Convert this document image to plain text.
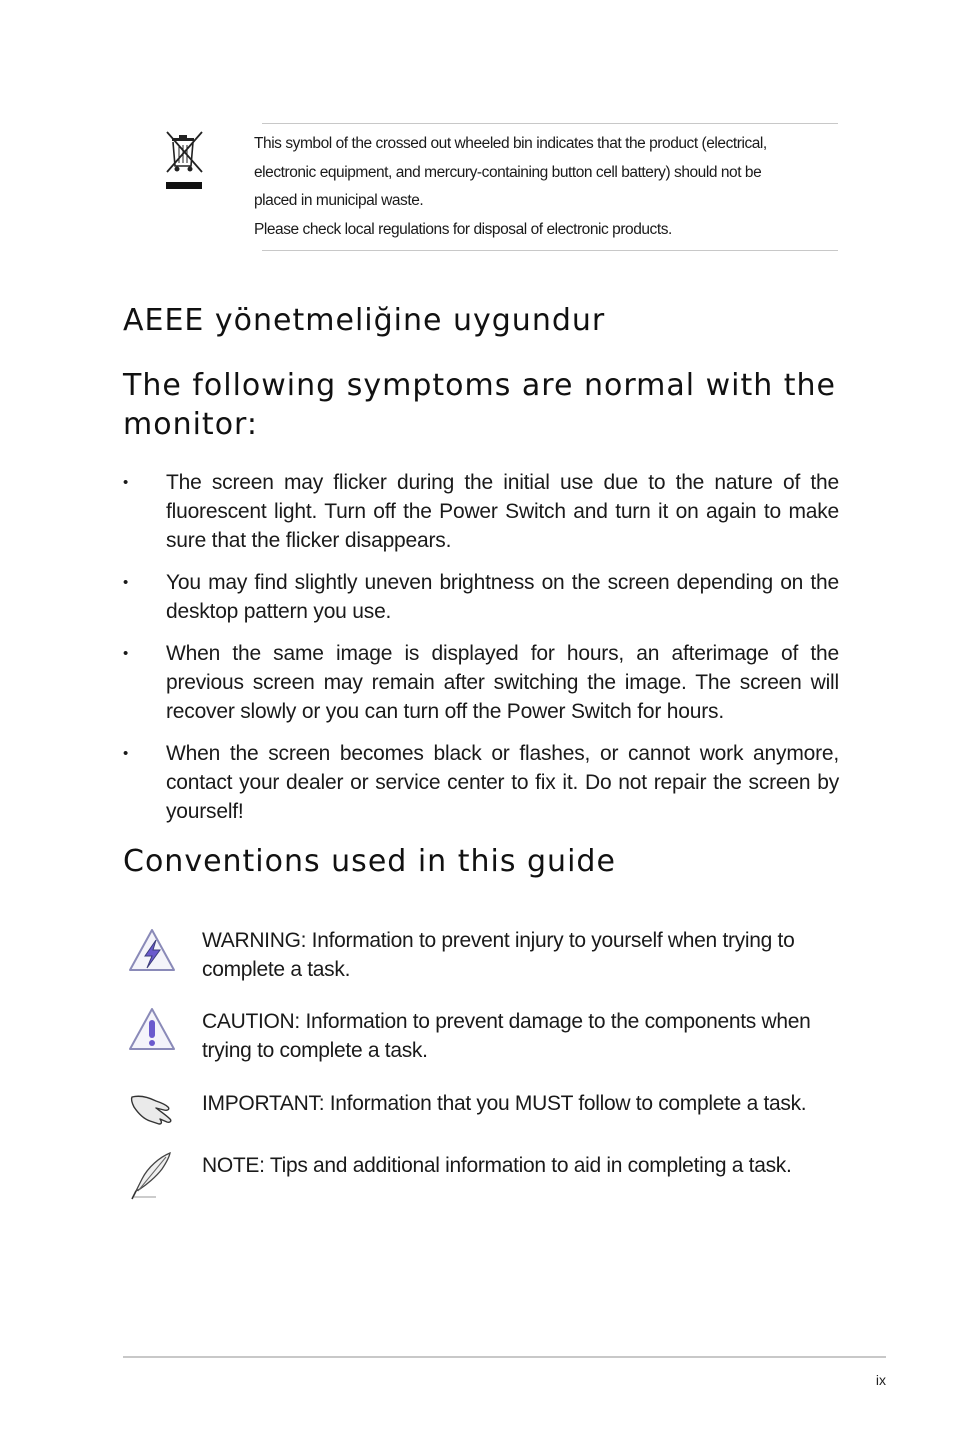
This symbol of the crossed out wheeled bin indicates that the product (electrical,
electronic equipment, and mercury-containing button cell battery) should not be
placed in municipal waste.
Please check local regulations for disposal of electronic products.
AEEE yönetmeliğine uygundur
The following symptoms are normal with the monitor:
• The screen may flicker during the initial use due to the nature of the fluorescent light. Turn off the Power Switch and turn it on again to make sure that the flicker disappears.
• You may find slightly uneven brightness on the screen depending on the desktop pattern you use.
• When the same image is displayed for hours, an afterimage of the previous screen may remain after switching the image. The screen will recover slowly or you can turn off the Power Switch for hours.
• When the screen becomes black or flashes, or cannot work anymore, contact your dealer or service center to fix it. Do not repair the screen by yourself!
Conventions used in this guide
WARNING: Information to prevent injury to yourself when trying to complete a task.
CAUTION: Information to prevent damage to the components when trying to complete a task.
IMPORTANT: Information that you MUST follow to complete a task.
NOTE: Tips and additional information to aid in completing a task.
ix
